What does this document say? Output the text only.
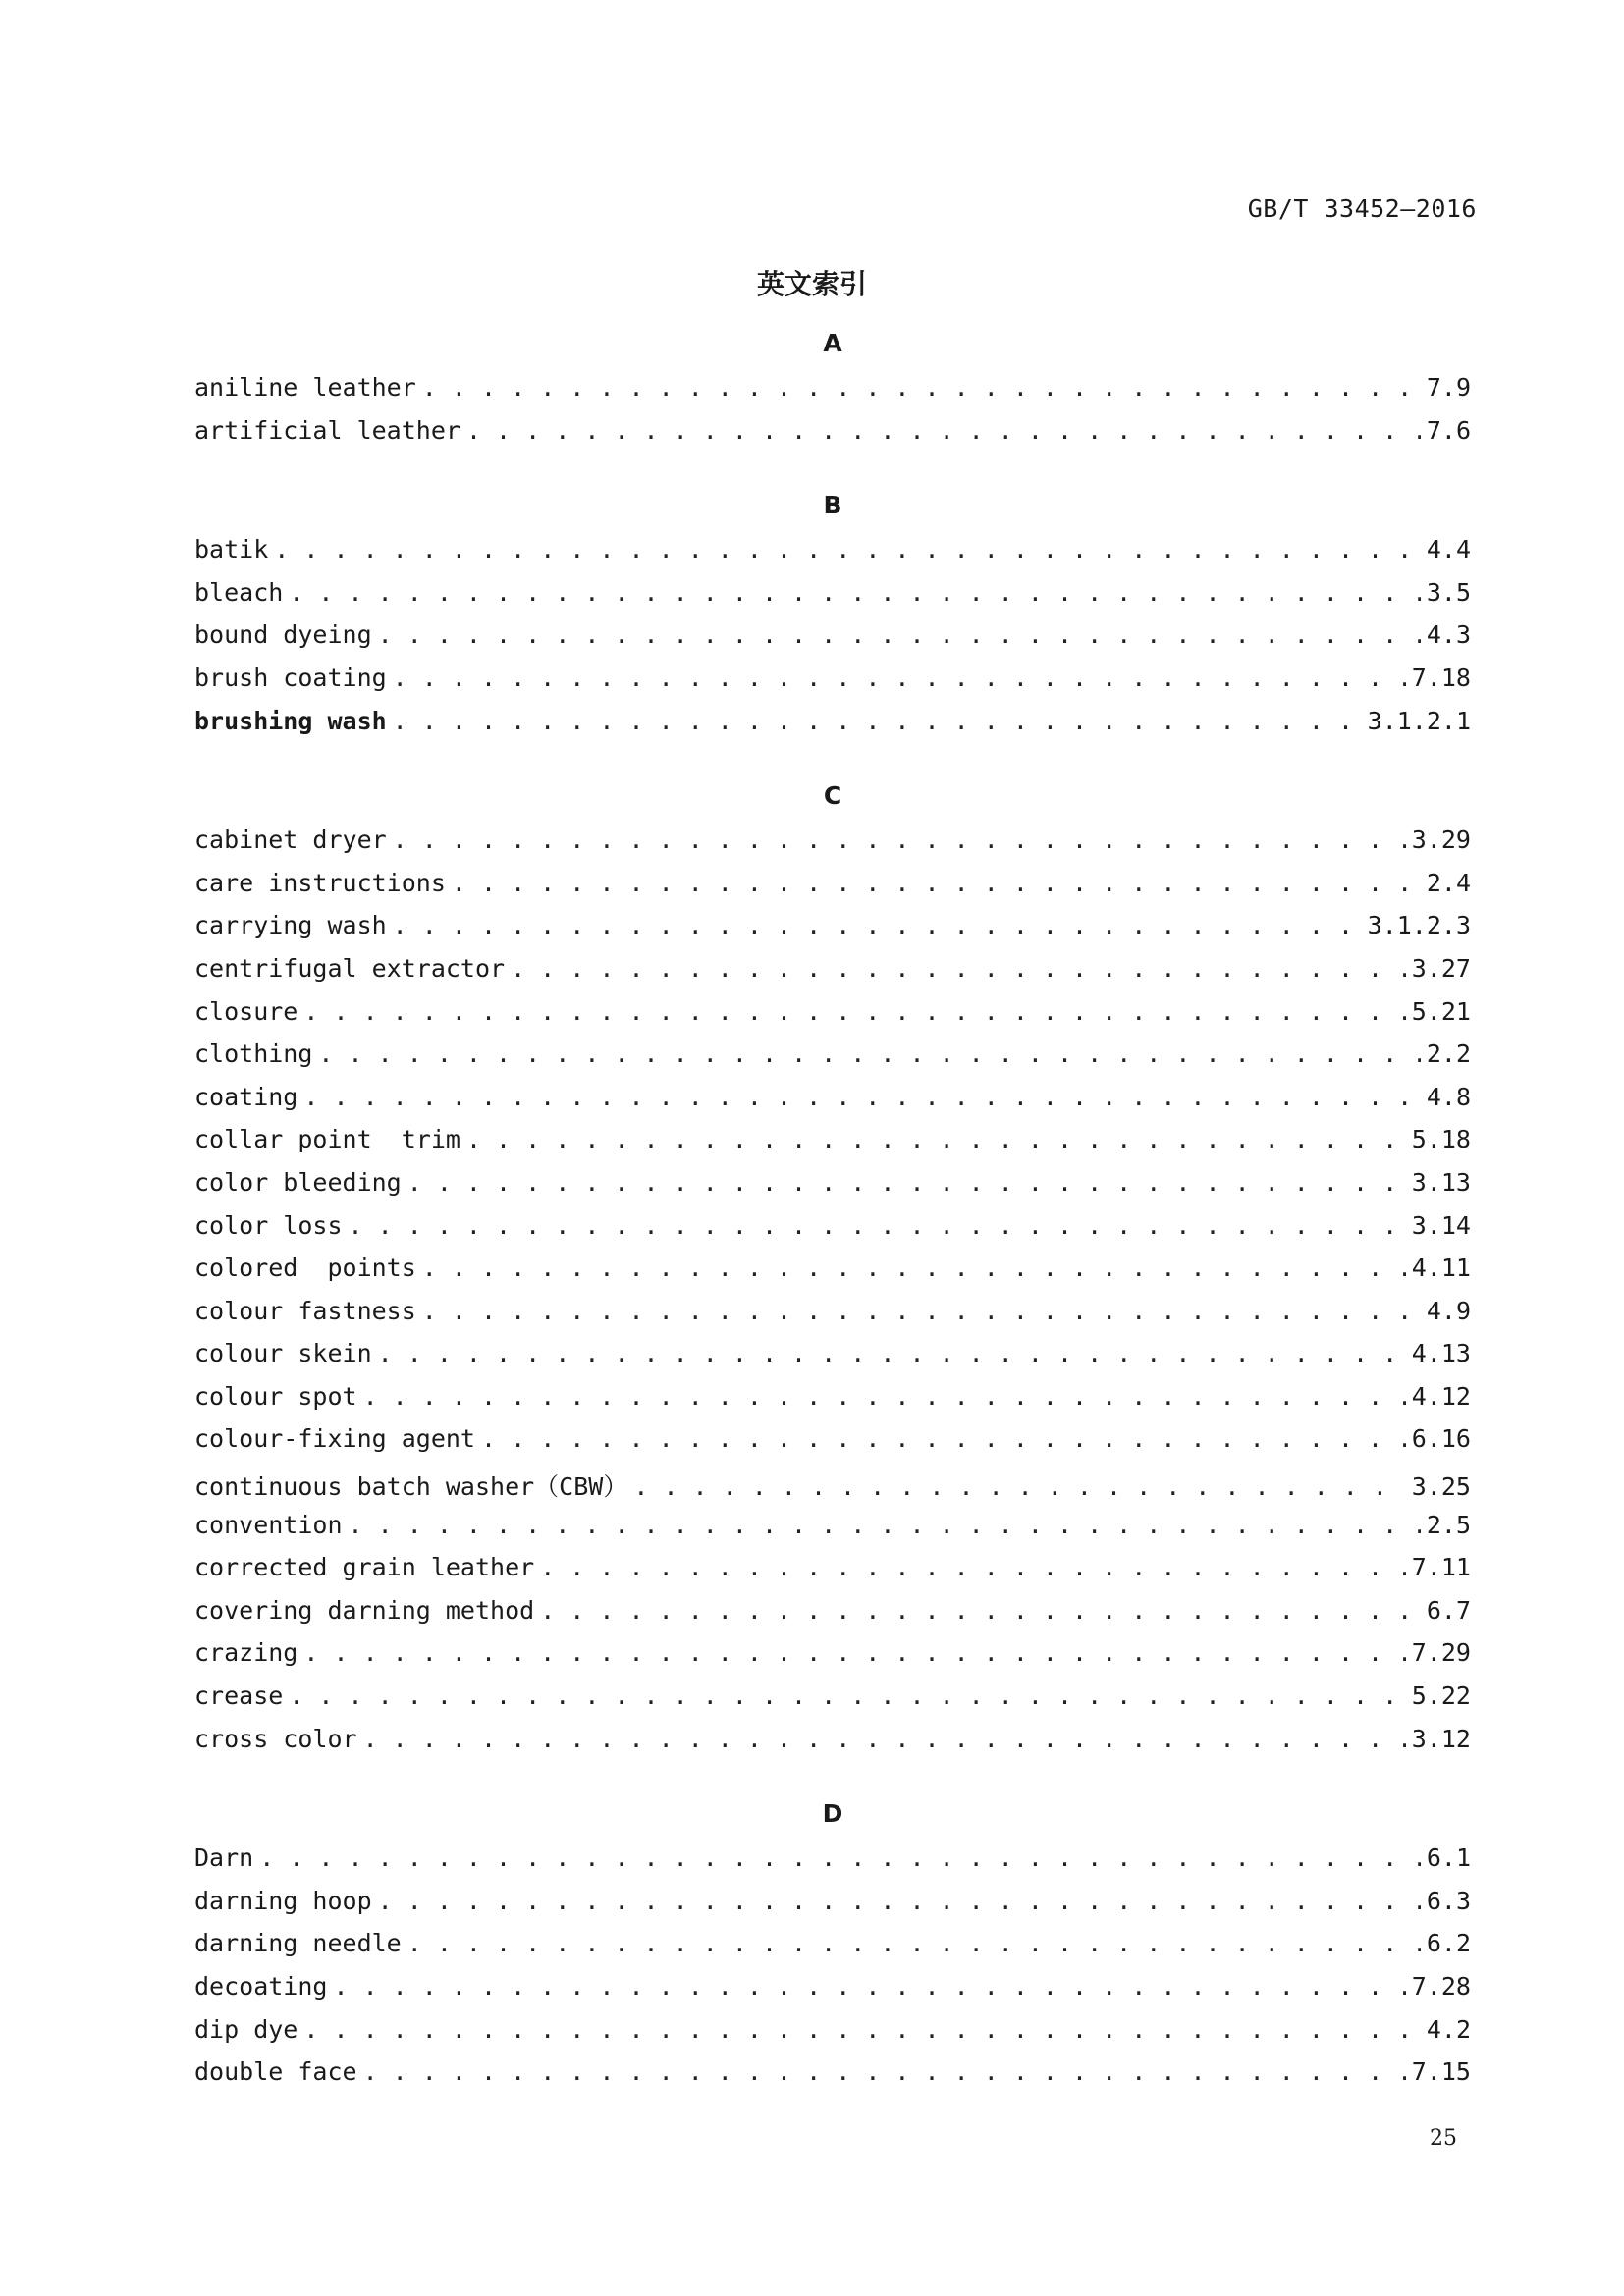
GB/T 33452—2016
英文索引
A
aniline leather . . .	7.9
artificial leather . . .	7.6
B
batik . . .	4.4
bleach . . .	3.5
bound dyeing . . .	4.3
brush coating . . .	7.18
brushing wash . . .	3.1.2.1
C
cabinet dryer . . .	3.29
care instructions . . .	2.4
carrying wash . . .	3.1.2.3
centrifugal extractor . . .	3.27
closure . . .	5.21
clothing . . .	2.2
coating . . .	4.8
collar point  trim . . .	5.18
color bleeding . . .	3.13
color loss . . .	3.14
colored  points . . .	4.11
colour fastness . . .	4.9
colour skein . . .	4.13
colour spot . . .	4.12
colour-fixing agent . . .	6.16
continuous batch washer（CBW） . . .	3.25
convention . . .	2.5
corrected grain leather . . .	7.11
covering darning method . . .	6.7
crazing . . .	7.29
crease . . .	5.22
cross color . . .	3.12
D
Darn . . .	6.1
darning hoop . . .	6.3
darning needle . . .	6.2
decoating . . .	7.28
dip dye . . .	4.2
double face . . .	7.15
25
